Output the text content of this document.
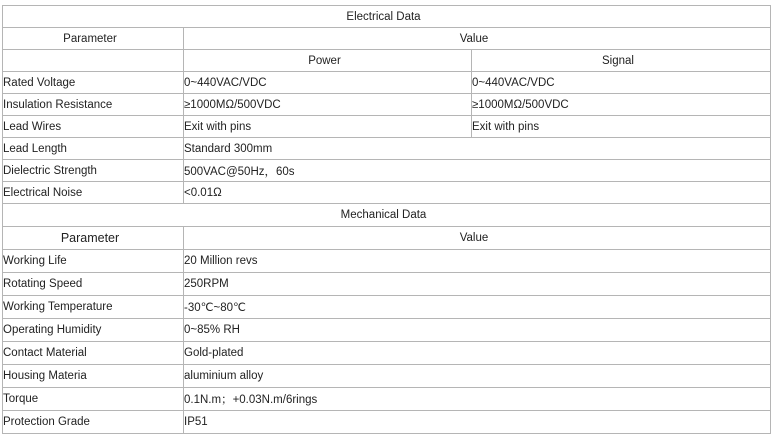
Electrical Data		
Parameter	Value	
	Power	Signal
Rated Voltage	0~440VAC/VDC	0~440VAC/VDC
Insulation Resistance	≥1000MΩ/500VDC	≥1000MΩ/500VDC
Lead Wires	Exit with pins	Exit with pins
Lead Length	Standard 300mm	
Dielectric Strength	500VAC@50Hz，60s	
Electrical Noise	<0.01Ω	
Mechanical Data		
Parameter	Value	
Working Life	20 Million revs	
Rotating Speed	250RPM	
Working Temperature	-30℃~80℃	
Operating Humidity	0~85% RH	
Contact Material	Gold-plated	
Housing Materia	aluminium alloy	
Torque	0.1N.m；+0.03N.m/6rings	
Protection Grade	IP51	
